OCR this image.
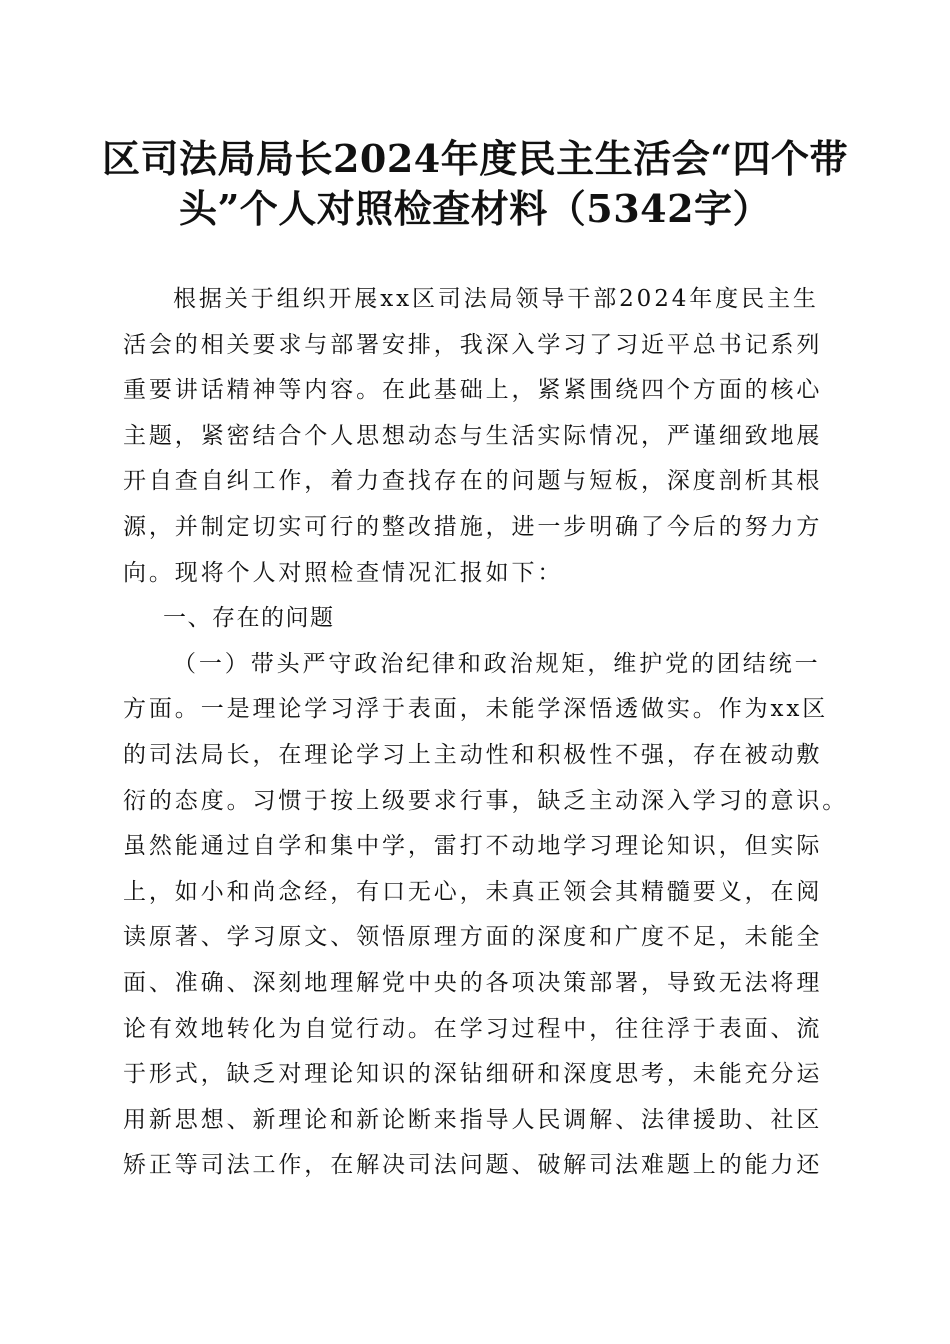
区司法局局长2024年度民主生活会“四个带
头”个人对照检查材料（5342字）
根据关于组织开展xx区司法局领导干部2024年度民主生
活会的相关要求与部署安排，我深入学习了习近平总书记系列
重要讲话精神等内容。在此基础上，紧紧围绕四个方面的核心
主题，紧密结合个人思想动态与生活实际情况，严谨细致地展
开自查自纠工作，着力查找存在的问题与短板，深度剖析其根
源，并制定切实可行的整改措施，进一步明确了今后的努力方
向。现将个人对照检查情况汇报如下：
一、存在的问题
（一）带头严守政治纪律和政治规矩，维护党的团结统一
方面。一是理论学习浮于表面，未能学深悟透做实。作为xx区
的司法局长，在理论学习上主动性和积极性不强，存在被动敷
衍的态度。习惯于按上级要求行事，缺乏主动深入学习的意识。
虽然能通过自学和集中学，雷打不动地学习理论知识，但实际
上，如小和尚念经，有口无心，未真正领会其精髓要义，在阅
读原著、学习原文、领悟原理方面的深度和广度不足，未能全
面、准确、深刻地理解党中央的各项决策部署，导致无法将理
论有效地转化为自觉行动。在学习过程中，往往浮于表面、流
于形式，缺乏对理论知识的深钻细研和深度思考，未能充分运
用新思想、新理论和新论断来指导人民调解、法律援助、社区
矫正等司法工作，在解决司法问题、破解司法难题上的能力还
